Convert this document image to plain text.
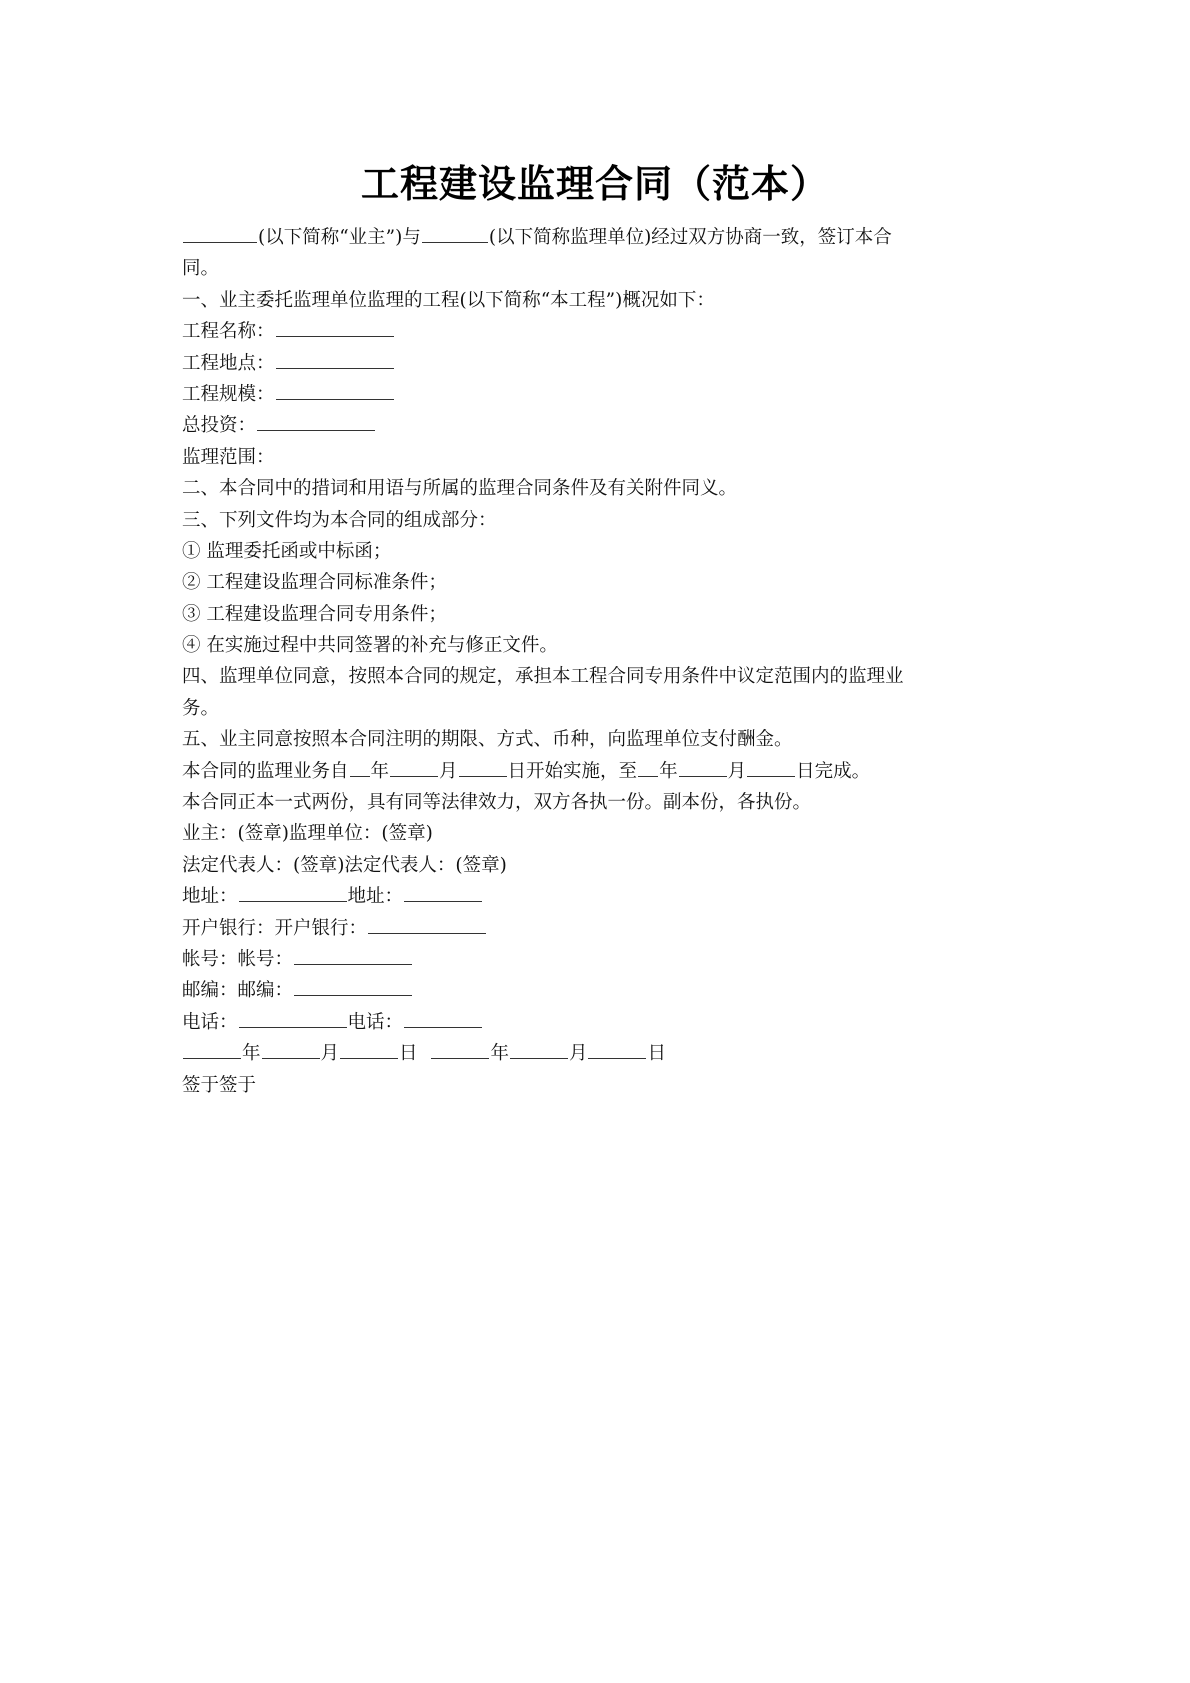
工程建设监理合同（范本）
(以下简称“业主”)与	(以下简称监理单位)经过双方协商一致，签订本合
同。
一、业主委托监理单位监理的工程(以下简称“本工程”)概况如下：
工程名称：
工程地点：
工程规模：
总投资：
监理范围：
二、本合同中的措词和用语与所属的监理合同条件及有关附件同义。
三、下列文件均为本合同的组成部分：
① 监理委托函或中标函；
② 工程建设监理合同标准条件；
③ 工程建设监理合同专用条件；
④ 在实施过程中共同签署的补充与修正文件。
四、监理单位同意，按照本合同的规定，承担本工程合同专用条件中议定范围内的监理业
务。
五、业主同意按照本合同注明的期限、方式、币种，向监理单位支付酬金。
本合同的监理业务自 年	月	日开始实施，至 年	月	日完成。
本合同正本一式两份，具有同等法律效力，双方各执一份。副本份，各执份。
业主：(签章)监理单位：(签章)
法定代表人：(签章)法定代表人：(签章)
地址：	地址：
开户银行：开户银行：
帐号：帐号：
邮编：邮编：
电话：	电话：
年	月	日	年	月	日
签于签于
